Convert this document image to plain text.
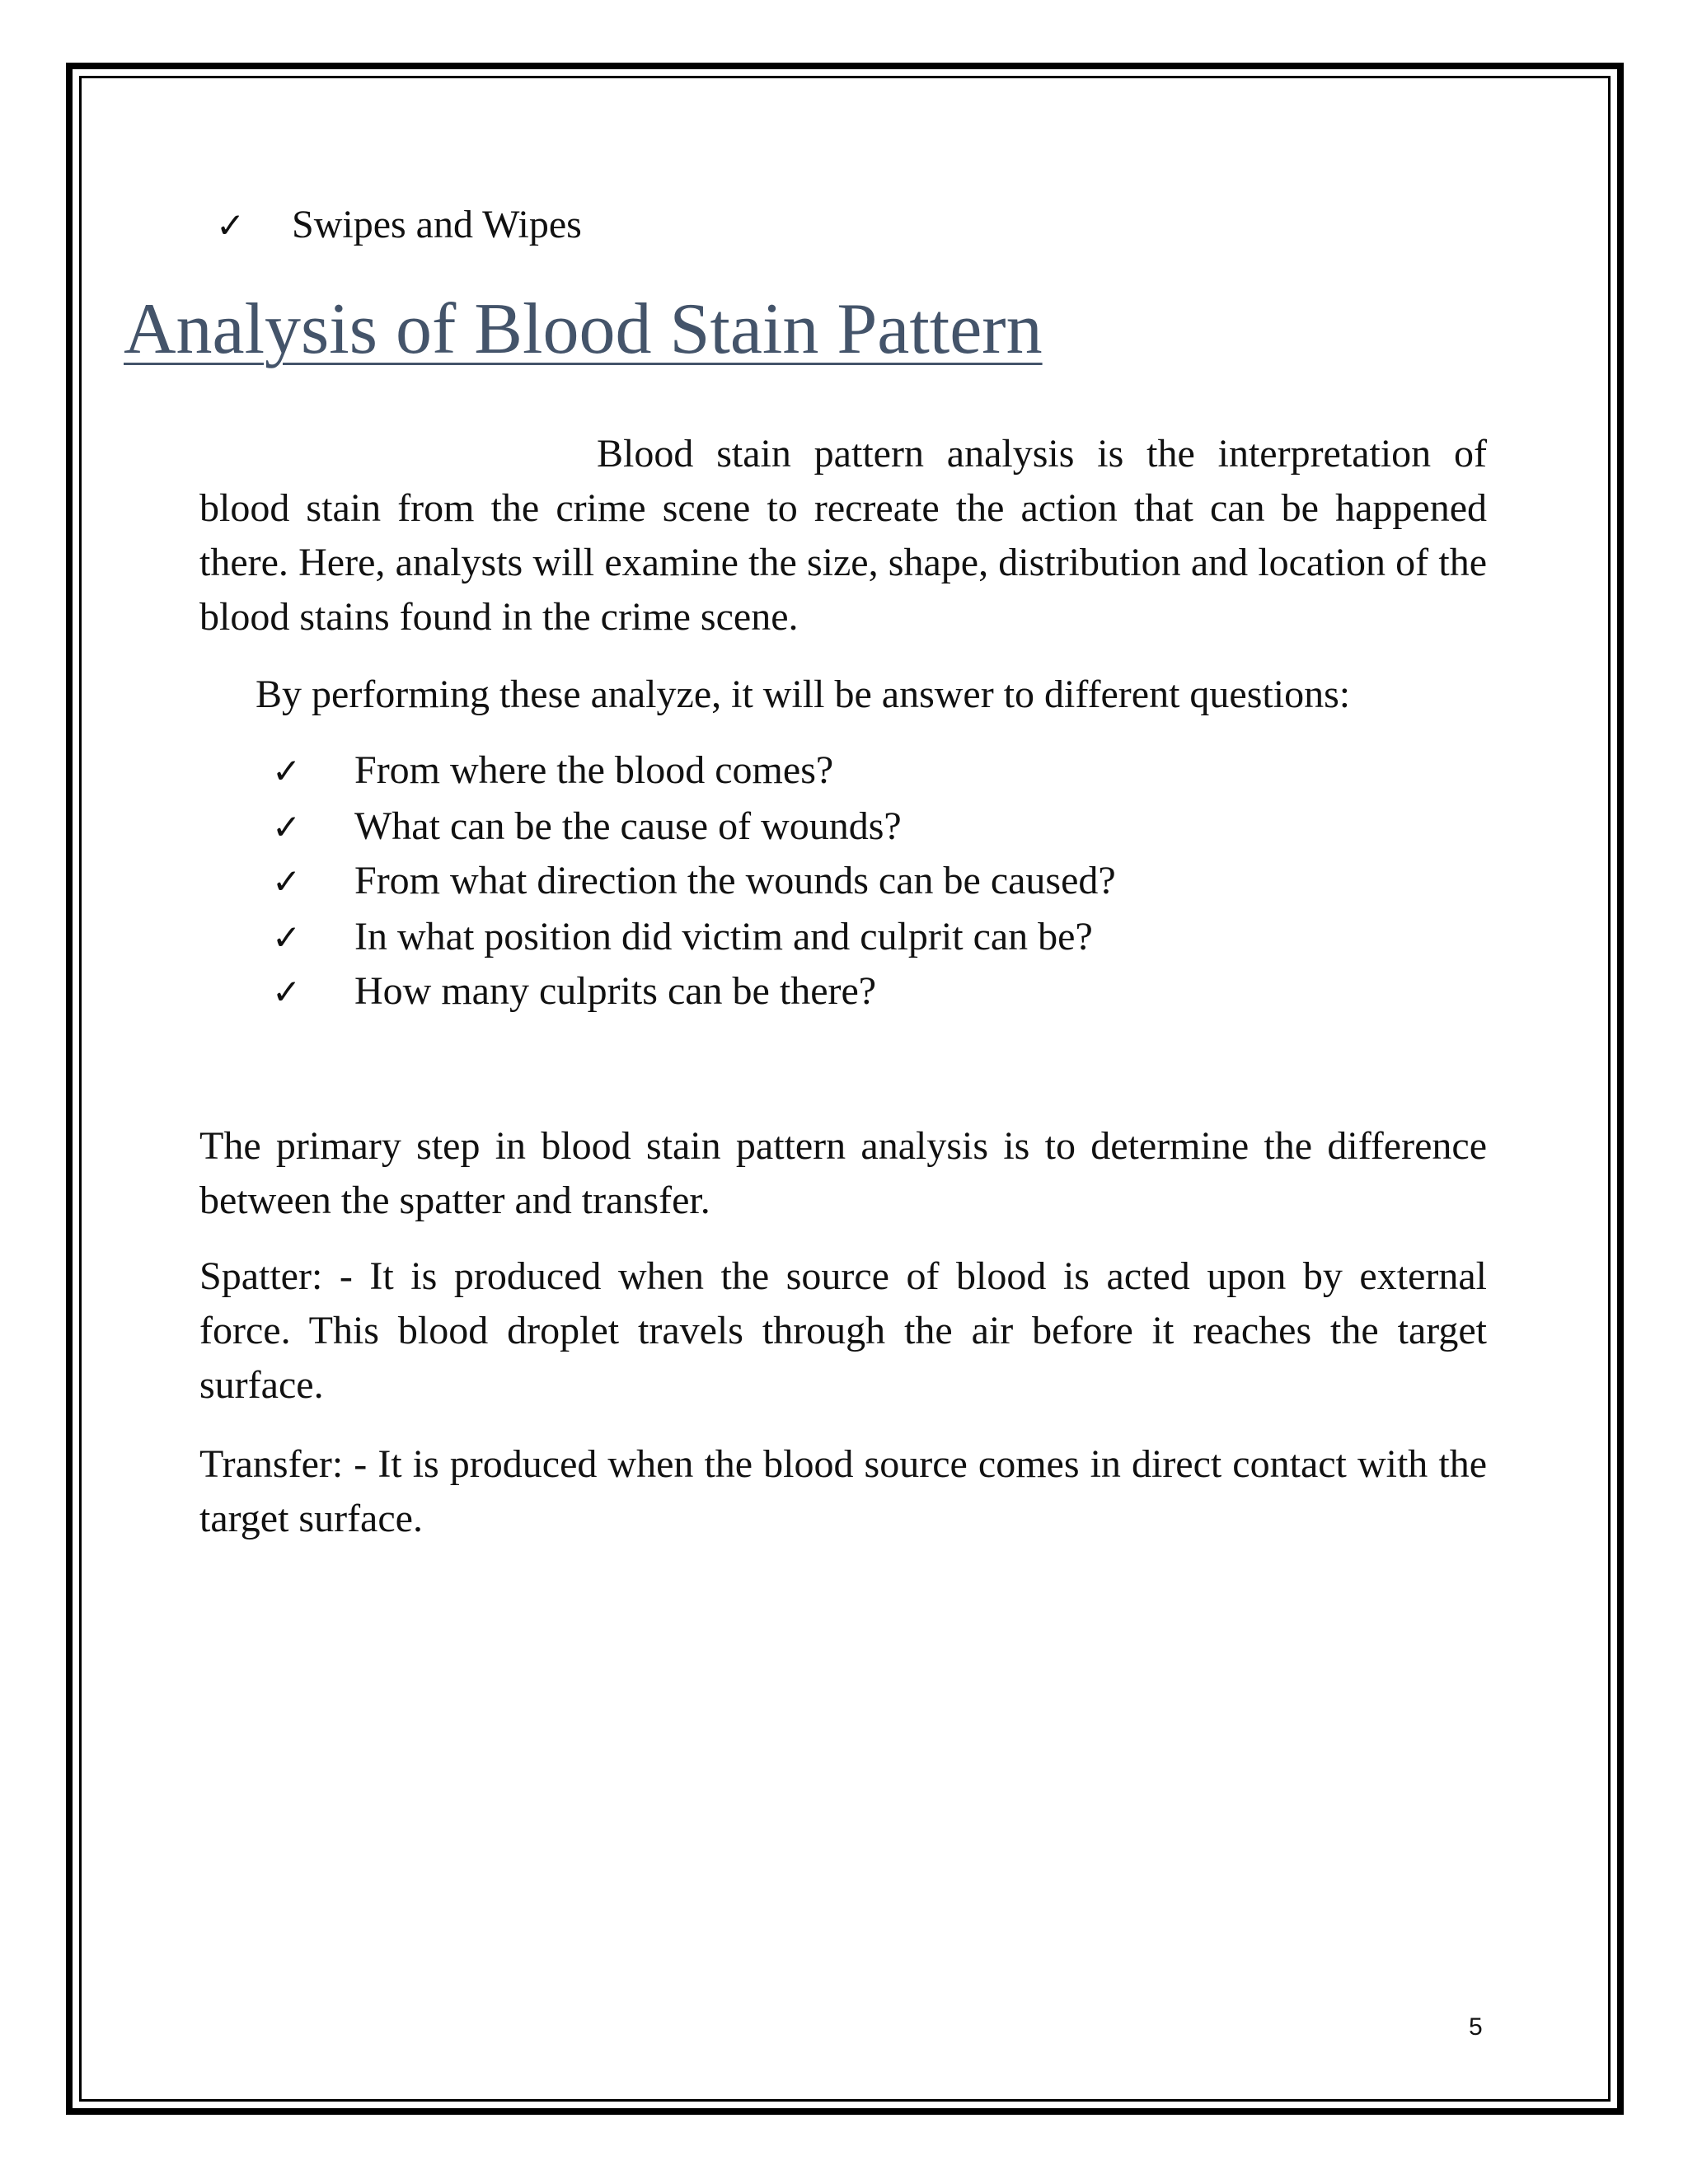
✓	Swipes and Wipes
Analysis of Blood Stain Pattern

Blood stain pattern analysis is the interpretation of blood stain from the crime scene to recreate the action that can be happened there. Here, analysts will examine the size, shape, distribution and location of the blood stains found in the crime scene.

By performing these analyze, it will be answer to different questions:

✓	From where the blood comes?
✓	What can be the cause of wounds?
✓	From what direction the wounds can be caused?
✓	In what position did victim and culprit can be?
✓	How many culprits can be there?

The primary step in blood stain pattern analysis is to determine the difference between the spatter and transfer.

Spatter: - It is produced when the source of blood is acted upon by external force. This blood droplet travels through the air before it reaches the target surface.

Transfer: - It is produced when the blood source comes in direct contact with the target surface.

5
